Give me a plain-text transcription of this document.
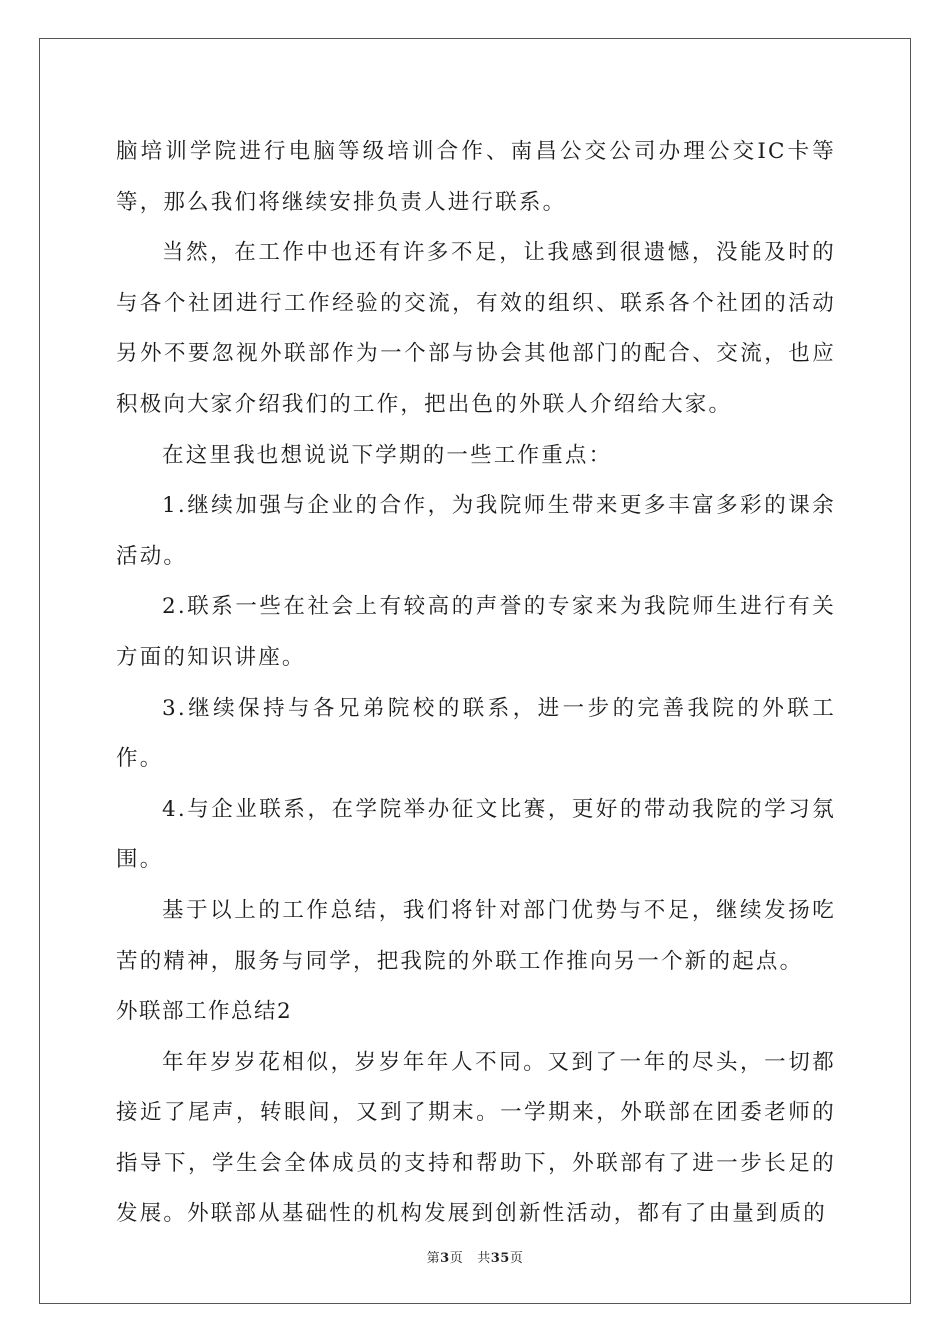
脑培训学院进行电脑等级培训合作、南昌公交公司办理公交IC卡等等，那么我们将继续安排负责人进行联系。

当然，在工作中也还有许多不足，让我感到很遗憾，没能及时的与各个社团进行工作经验的交流，有效的组织、联系各个社团的活动另外不要忽视外联部作为一个部与协会其他部门的配合、交流，也应积极向大家介绍我们的工作，把出色的外联人介绍给大家。

在这里我也想说说下学期的一些工作重点：

1.继续加强与企业的合作，为我院师生带来更多丰富多彩的课余活动。

2.联系一些在社会上有较高的声誉的专家来为我院师生进行有关方面的知识讲座。

3.继续保持与各兄弟院校的联系，进一步的完善我院的外联工作。

4.与企业联系，在学院举办征文比赛，更好的带动我院的学习氛围。

基于以上的工作总结，我们将针对部门优势与不足，继续发扬吃苦的精神，服务与同学，把我院的外联工作推向另一个新的起点。

外联部工作总结2

年年岁岁花相似，岁岁年年人不同。又到了一年的尽头，一切都接近了尾声，转眼间，又到了期末。一学期来，外联部在团委老师的指导下，学生会全体成员的支持和帮助下，外联部有了进一步长足的发展。外联部从基础性的机构发展到创新性活动，都有了由量到质的

第3页 共35页
